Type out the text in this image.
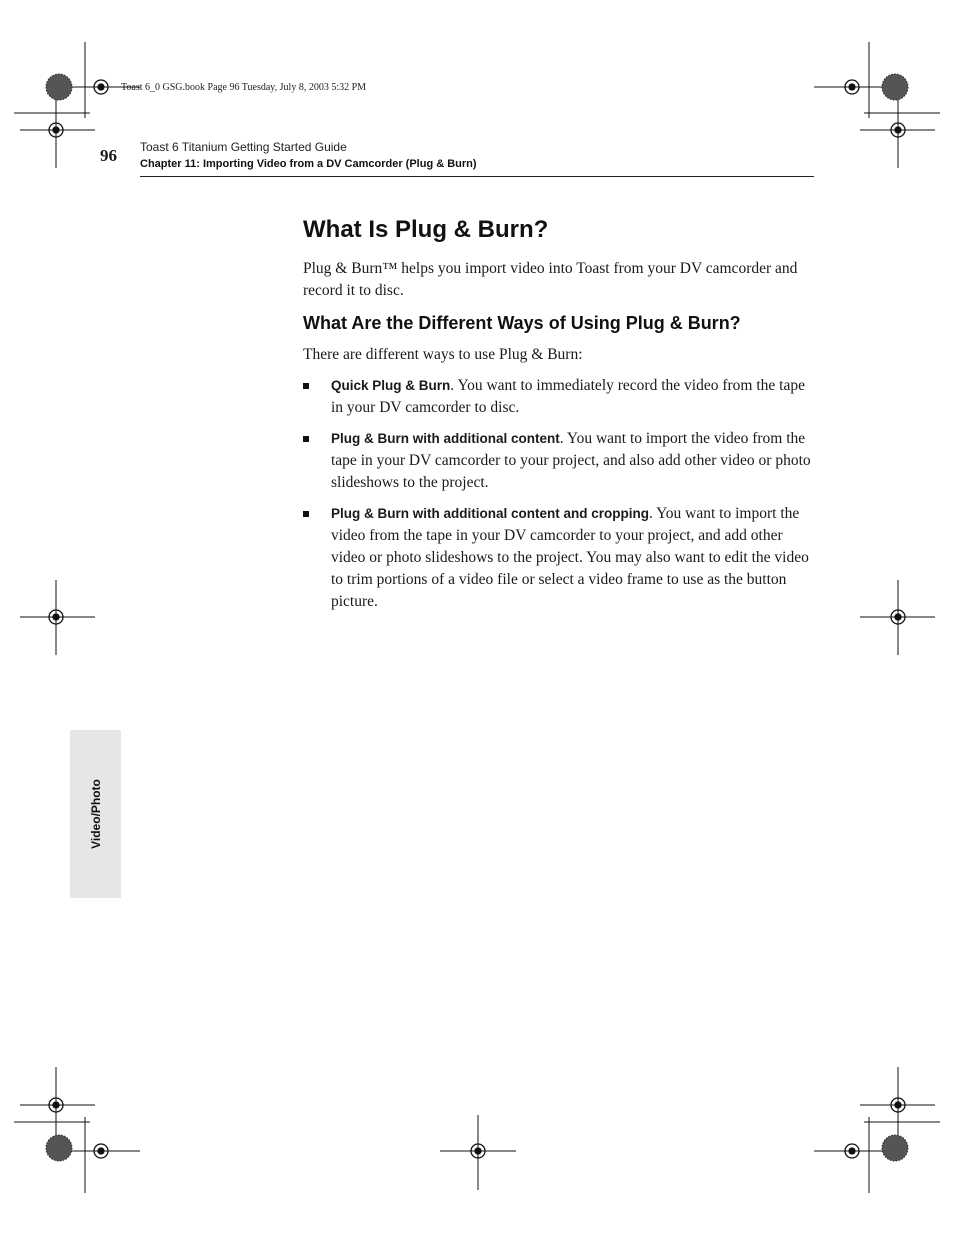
Toast 6_0 GSG.book Page 96 Tuesday, July 8, 2003 5:32 PM
96 Toast 6 Titanium Getting Started Guide
Chapter 11: Importing Video from a DV Camcorder (Plug & Burn)
What Is Plug & Burn?

Plug & Burn™ helps you import video into Toast from your DV camcorder and record it to disc.

What Are the Different Ways of Using Plug & Burn?

There are different ways to use Plug & Burn:

Quick Plug & Burn. You want to immediately record the video from the tape in your DV camcorder to disc.
Plug & Burn with additional content. You want to import the video from the tape in your DV camcorder to your project, and also add other video or photo slideshows to the project.
Plug & Burn with additional content and cropping. You want to import the video from the tape in your DV camcorder to your project, and add other video or photo slideshows to the project. You may also want to edit the video to trim portions of a video file or select a video frame to use as the button picture.
Video/Photo
